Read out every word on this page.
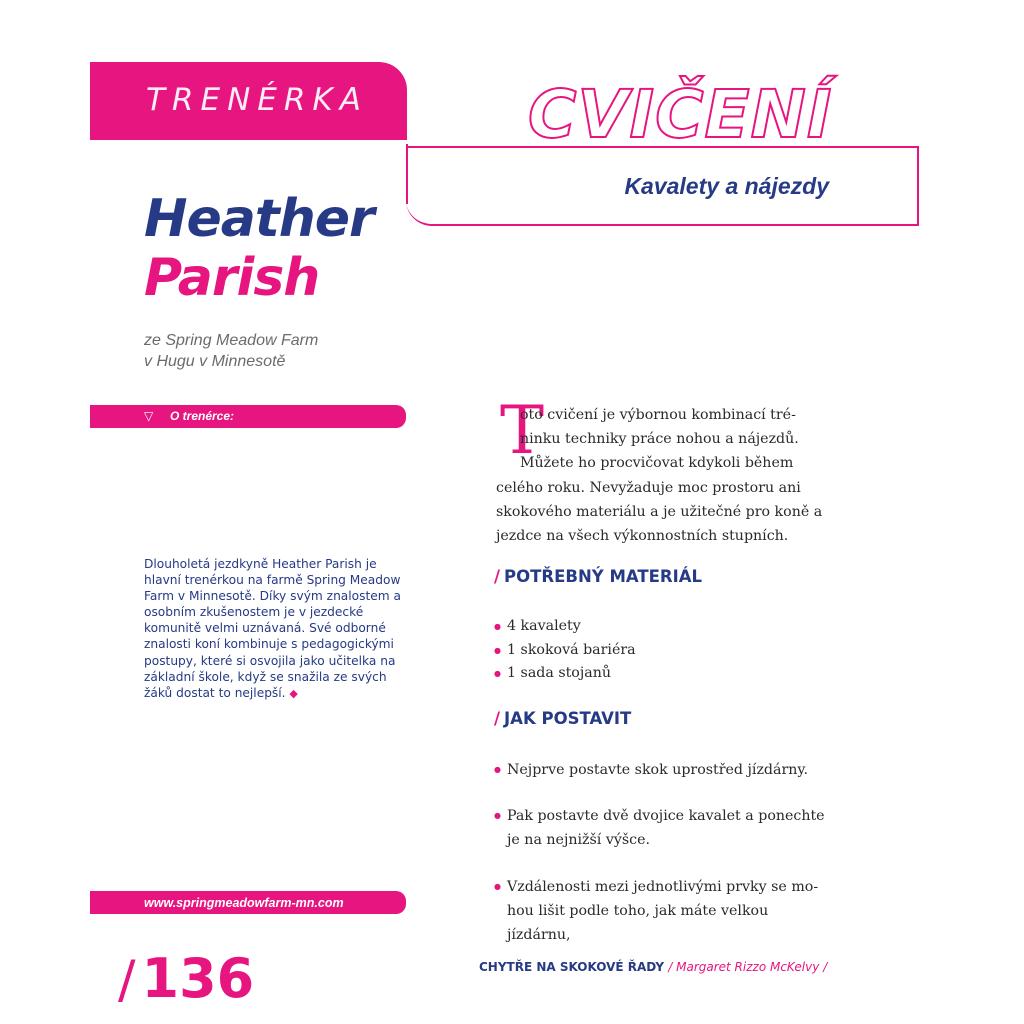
TRENÉRKA CVIČENÍ
Kavalety a nájezdy
Heather
Parish
ze Spring Meadow Farm
v Hugu v Minnesotě
▽ O trenérce:

Dlouholetá jezdkyně Heather Parish je hlavní trenérkou na farmě Spring Meadow Farm v Minnesotě. Díky svým znalostem a osobním zkušenostem je v jezdecké komunitě velmi uznávaná. Své odborné znalosti koní kombinuje s pedagogickými postupy, které si osvojila jako učitelka na základní škole, když se snažila ze svých žáků dostat to nejlepší. ◆

www.springmeadowfarm-mn.com
/ 136
T
oto cvičení je výbornou kombinací tré-
ninku techniky práce nohou a nájezdů.
Můžete ho procvičovat kdykoli během

celého roku. Nevyžaduje moc prostoru ani skokového materiálu a je užitečné pro koně a jezdce na všech výkonnostních stupních.

/ POTŘEBNÝ MATERIÁL
● 4 kavalety
● 1 skoková bariéra
● 1 sada stojanů
/ JAK POSTAVIT
● Nejprve postavte skok uprostřed jízdárny.
● Pak postavte dvě dvojice kavalet a ponechte
je na nejnižší výšce.
● Vzdálenosti mezi jednotlivými prvky se mo-
hou lišit podle toho, jak máte velkou jízdárnu,
CHYTŘE NA SKOKOVÉ ŘADY / Margaret Rizzo McKelvy /
